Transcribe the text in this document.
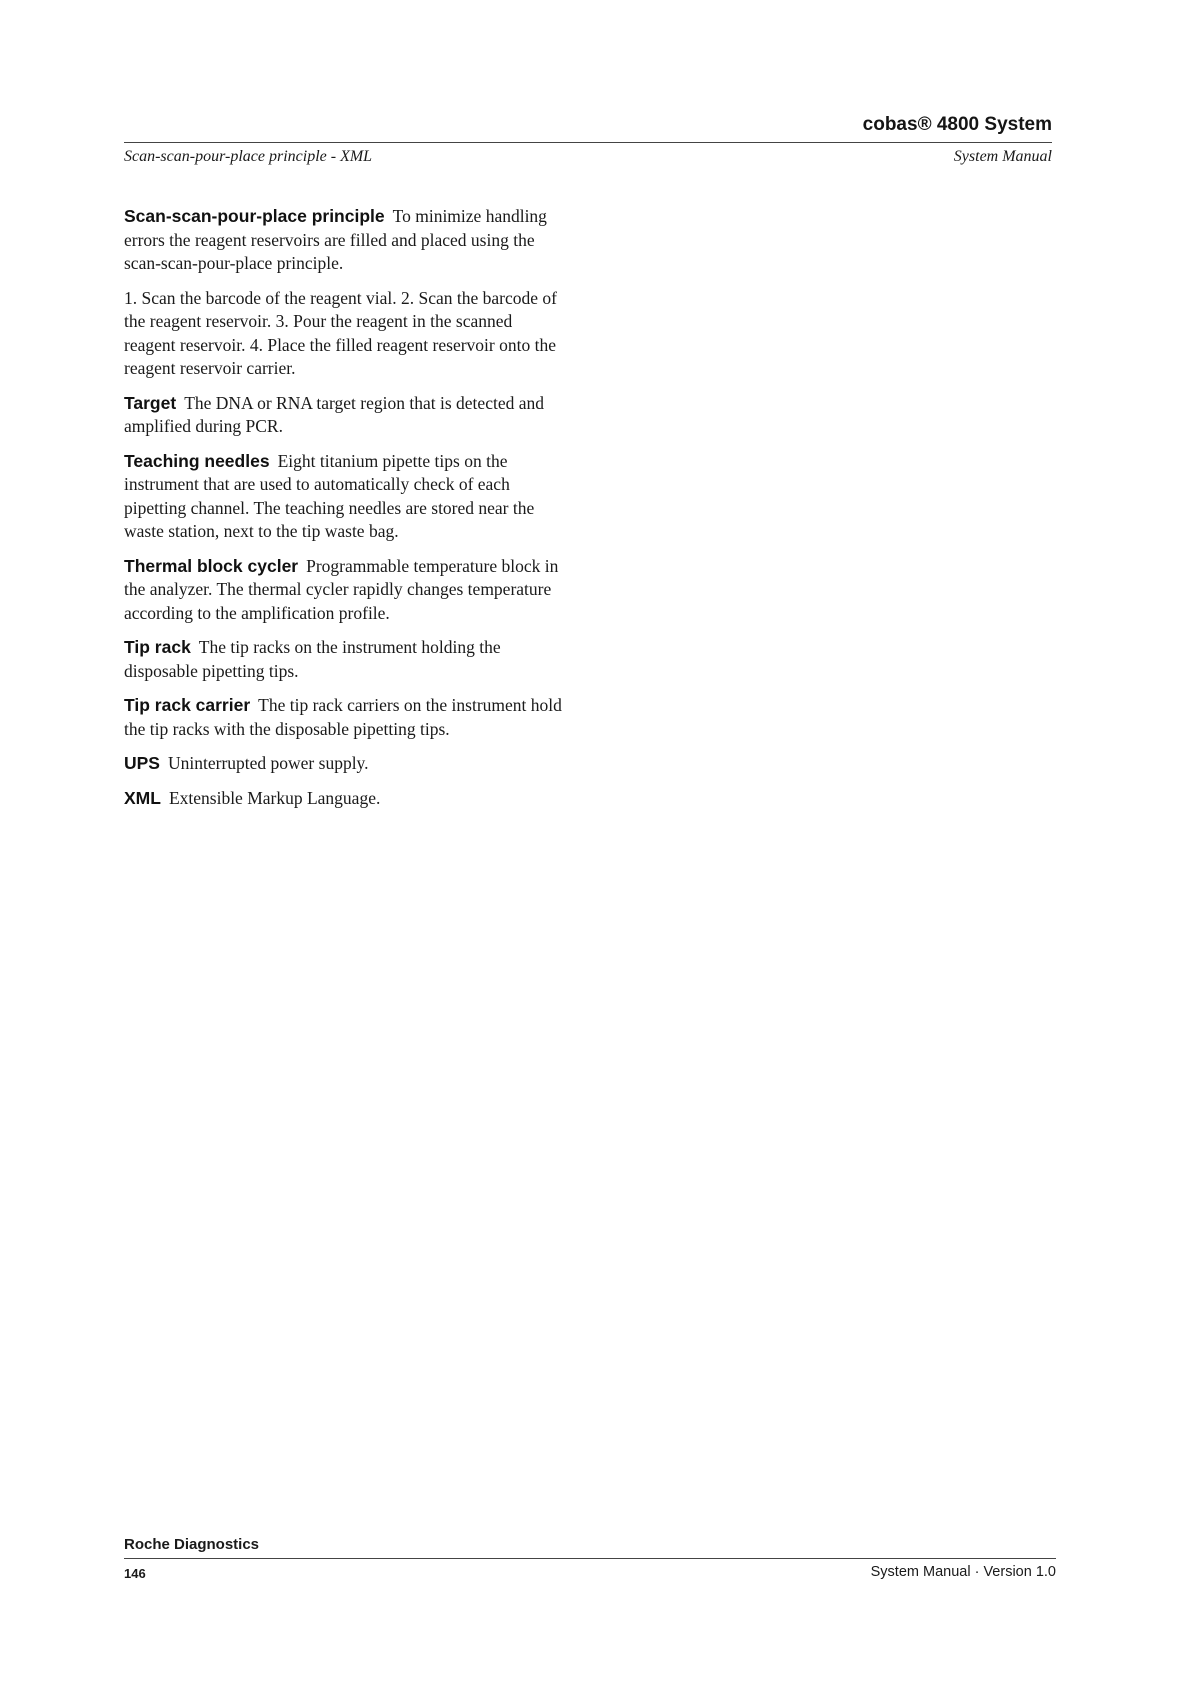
cobas® 4800 System
Scan-scan-pour-place principle - XML	System Manual

Scan-scan-pour-place principle To minimize handling errors the reagent reservoirs are filled and placed using the scan-scan-pour-place principle.

1. Scan the barcode of the reagent vial. 2. Scan the barcode of the reagent reservoir. 3. Pour the reagent in the scanned reagent reservoir. 4. Place the filled reagent reservoir onto the reagent reservoir carrier.

Target The DNA or RNA target region that is detected and amplified during PCR.

Teaching needles Eight titanium pipette tips on the instrument that are used to automatically check of each pipetting channel. The teaching needles are stored near the waste station, next to the tip waste bag.

Thermal block cycler Programmable temperature block in the analyzer. The thermal cycler rapidly changes temperature according to the amplification profile.

Tip rack The tip racks on the instrument holding the disposable pipetting tips.

Tip rack carrier The tip rack carriers on the instrument hold the tip racks with the disposable pipetting tips.

UPS Uninterrupted power supply.

XML Extensible Markup Language.

Roche Diagnostics
146	System Manual · Version 1.0
